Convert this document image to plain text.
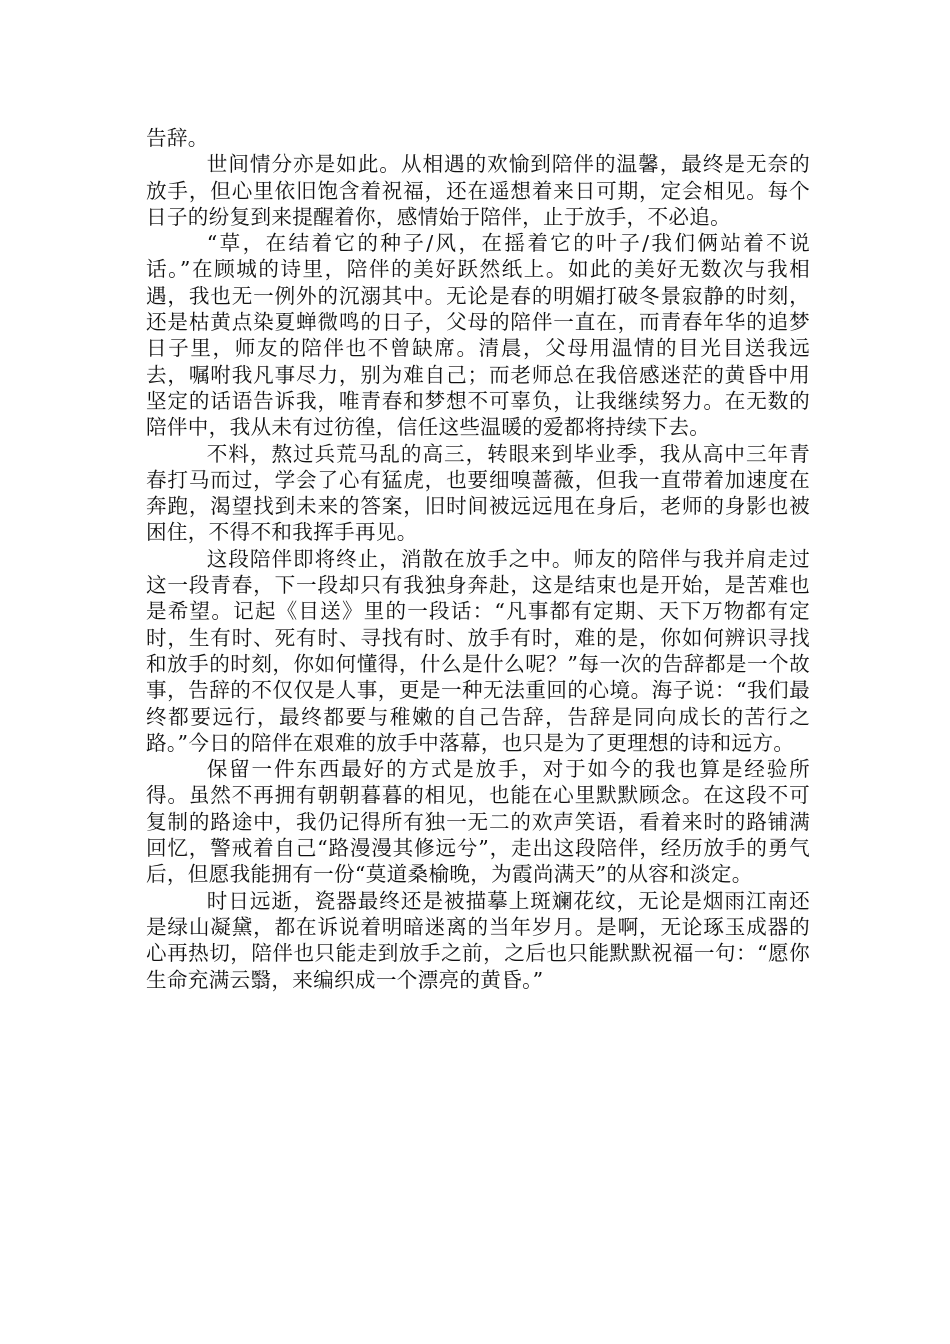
告辞。

世间情分亦是如此。从相遇的欢愉到陪伴的温馨，最终是无奈的放手，但心里依旧饱含着祝福，还在遥想着来日可期，定会相见。每个日子的纷复到来提醒着你，感情始于陪伴，止于放手，不必追。

“草，在结着它的种子/风，在摇着它的叶子/我们俩站着不说话。”在顾城的诗里，陪伴的美好跃然纸上。如此的美好无数次与我相遇，我也无一例外的沉溺其中。无论是春的明媚打破冬景寂静的时刻，还是枯黄点染夏蝉微鸣的日子，父母的陪伴一直在，而青春年华的追梦日子里，师友的陪伴也不曾缺席。清晨，父母用温情的目光目送我远去，嘱咐我凡事尽力，别为难自己；而老师总在我倍感迷茫的黄昏中用坚定的话语告诉我，唯青春和梦想不可辜负，让我继续努力。在无数的陪伴中，我从未有过彷徨，信任这些温暖的爱都将持续下去。

不料，熬过兵荒马乱的高三，转眼来到毕业季，我从高中三年青春打马而过，学会了心有猛虎，也要细嗅蔷薇，但我一直带着加速度在奔跑，渴望找到未来的答案，旧时间被远远甩在身后，老师的身影也被困住，不得不和我挥手再见。

这段陪伴即将终止，消散在放手之中。师友的陪伴与我并肩走过这一段青春，下一段却只有我独身奔赴，这是结束也是开始，是苦难也是希望。记起《目送》里的一段话：“凡事都有定期、天下万物都有定时，生有时、死有时、寻找有时、放手有时，难的是，你如何辨识寻找和放手的时刻，你如何懂得，什么是什么呢？”每一次的告辞都是一个故事，告辞的不仅仅是人事，更是一种无法重回的心境。海子说：“我们最终都要远行，最终都要与稚嫩的自己告辞，告辞是同向成长的苦行之路。”今日的陪伴在艰难的放手中落幕，也只是为了更理想的诗和远方。

保留一件东西最好的方式是放手，对于如今的我也算是经验所得。虽然不再拥有朝朝暮暮的相见，也能在心里默默顾念。在这段不可复制的路途中，我仍记得所有独一无二的欢声笑语，看着来时的路铺满回忆，警戒着自己“路漫漫其修远兮”，走出这段陪伴，经历放手的勇气后，但愿我能拥有一份“莫道桑榆晚，为霞尚满天”的从容和淡定。

时日远逝，瓷器最终还是被描摹上斑斓花纹，无论是烟雨江南还是绿山凝黛，都在诉说着明暗迷离的当年岁月。是啊，无论琢玉成器的心再热切，陪伴也只能走到放手之前，之后也只能默默祝福一句：“愿你生命充满云翳，来编织成一个漂亮的黄昏。”
